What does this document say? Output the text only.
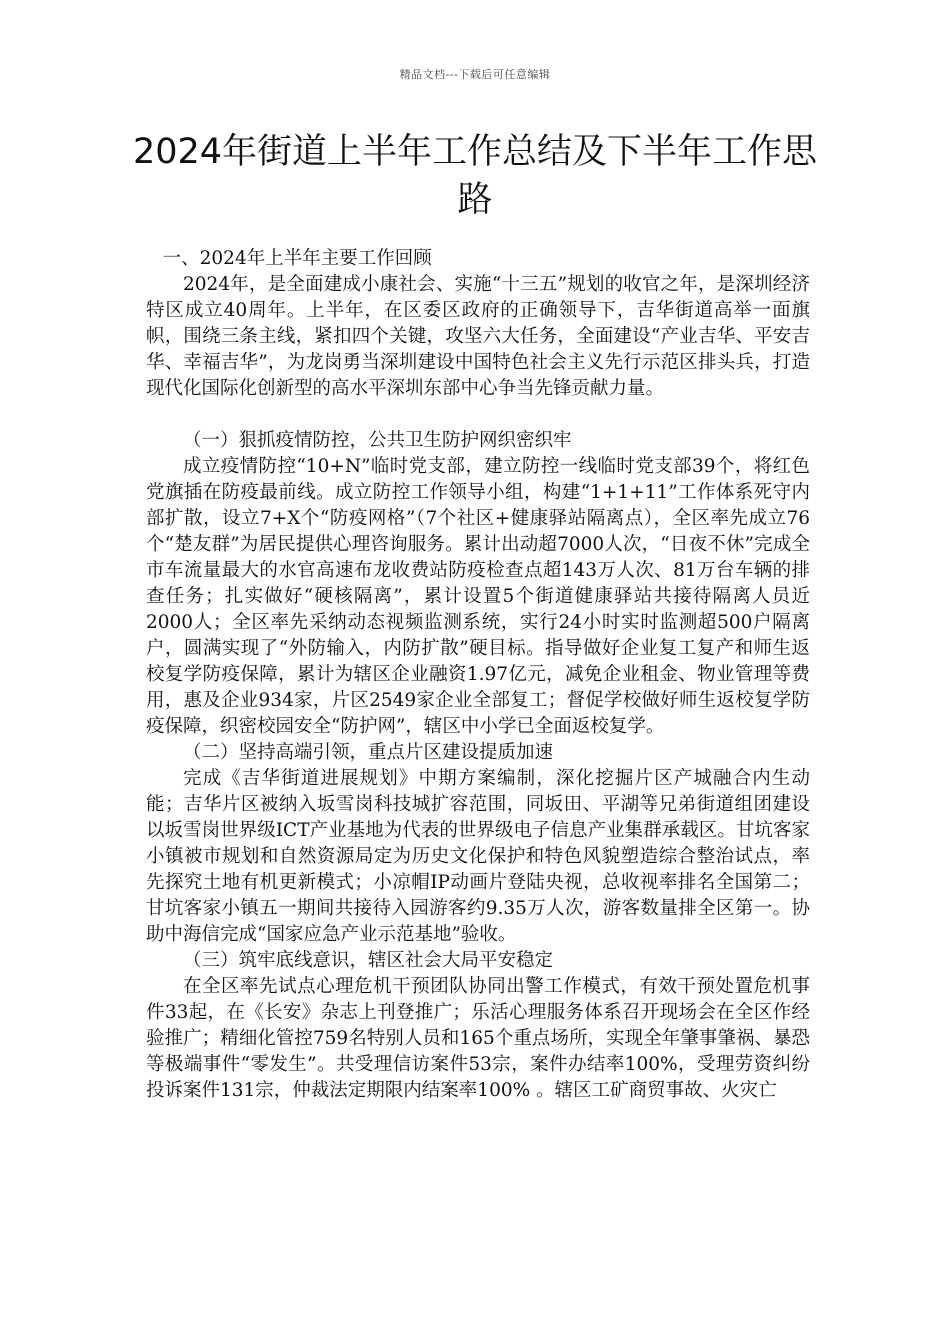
精品文档---下载后可任意编辑
2024年街道上半年工作总结及下半年工作思路

一、2024年上半年主要工作回顾

2024年，是全面建成小康社会、实施“十三五”规划的收官之年，是深圳经济特区成立40周年。上半年，在区委区政府的正确领导下，吉华街道高举一面旗帜，围绕三条主线，紧扣四个关键，攻坚六大任务，全面建设“产业吉华、平安吉华、幸福吉华”，为龙岗勇当深圳建设中国特色社会主义先行示范区排头兵，打造现代化国际化创新型的高水平深圳东部中心争当先锋贡献力量。

（一）狠抓疫情防控，公共卫生防护网织密织牢

成立疫情防控“10+N”临时党支部，建立防控一线临时党支部39个，将红色党旗插在防疫最前线。成立防控工作领导小组，构建“1+1+11”工作体系死守内部扩散，设立7+X个“防疫网格”（7个社区+健康驿站隔离点），全区率先成立76个“楚友群”为居民提供心理咨询服务。累计出动超7000人次，“日夜不休”完成全市车流量最大的水官高速布龙收费站防疫检查点超143万人次、81万台车辆的排查任务；扎实做好“硬核隔离”，累计设置5个街道健康驿站共接待隔离人员近2000人；全区率先采纳动态视频监测系统，实行24小时实时监测超500户隔离户，圆满实现了“外防输入，内防扩散”硬目标。指导做好企业复工复产和师生返校复学防疫保障，累计为辖区企业融资1.97亿元，减免企业租金、物业管理等费用，惠及企业934家，片区2549家企业全部复工；督促学校做好师生返校复学防疫保障，织密校园安全“防护网”，辖区中小学已全面返校复学。

（二）坚持高端引领，重点片区建设提质加速

完成《吉华街道进展规划》中期方案编制，深化挖掘片区产城融合内生动能；吉华片区被纳入坂雪岗科技城扩容范围，同坂田、平湖等兄弟街道组团建设以坂雪岗世界级ICT产业基地为代表的世界级电子信息产业集群承载区。甘坑客家小镇被市规划和自然资源局定为历史文化保护和特色风貌塑造综合整治试点，率先探究土地有机更新模式；小凉帽IP动画片登陆央视，总收视率排名全国第二；甘坑客家小镇五一期间共接待入园游客约9.35万人次，游客数量排全区第一。协助中海信完成“国家应急产业示范基地”验收。

（三）筑牢底线意识，辖区社会大局平安稳定

在全区率先试点心理危机干预团队协同出警工作模式，有效干预处置危机事件33起，在《长安》杂志上刊登推广；乐活心理服务体系召开现场会在全区作经验推广；精细化管控759名特别人员和165个重点场所，实现全年肇事肇祸、暴恐等极端事件“零发生”。共受理信访案件53宗，案件办结率100%，受理劳资纠纷投诉案件131宗，仲裁法定期限内结案率100% 。辖区工矿商贸事故、火灾亡
